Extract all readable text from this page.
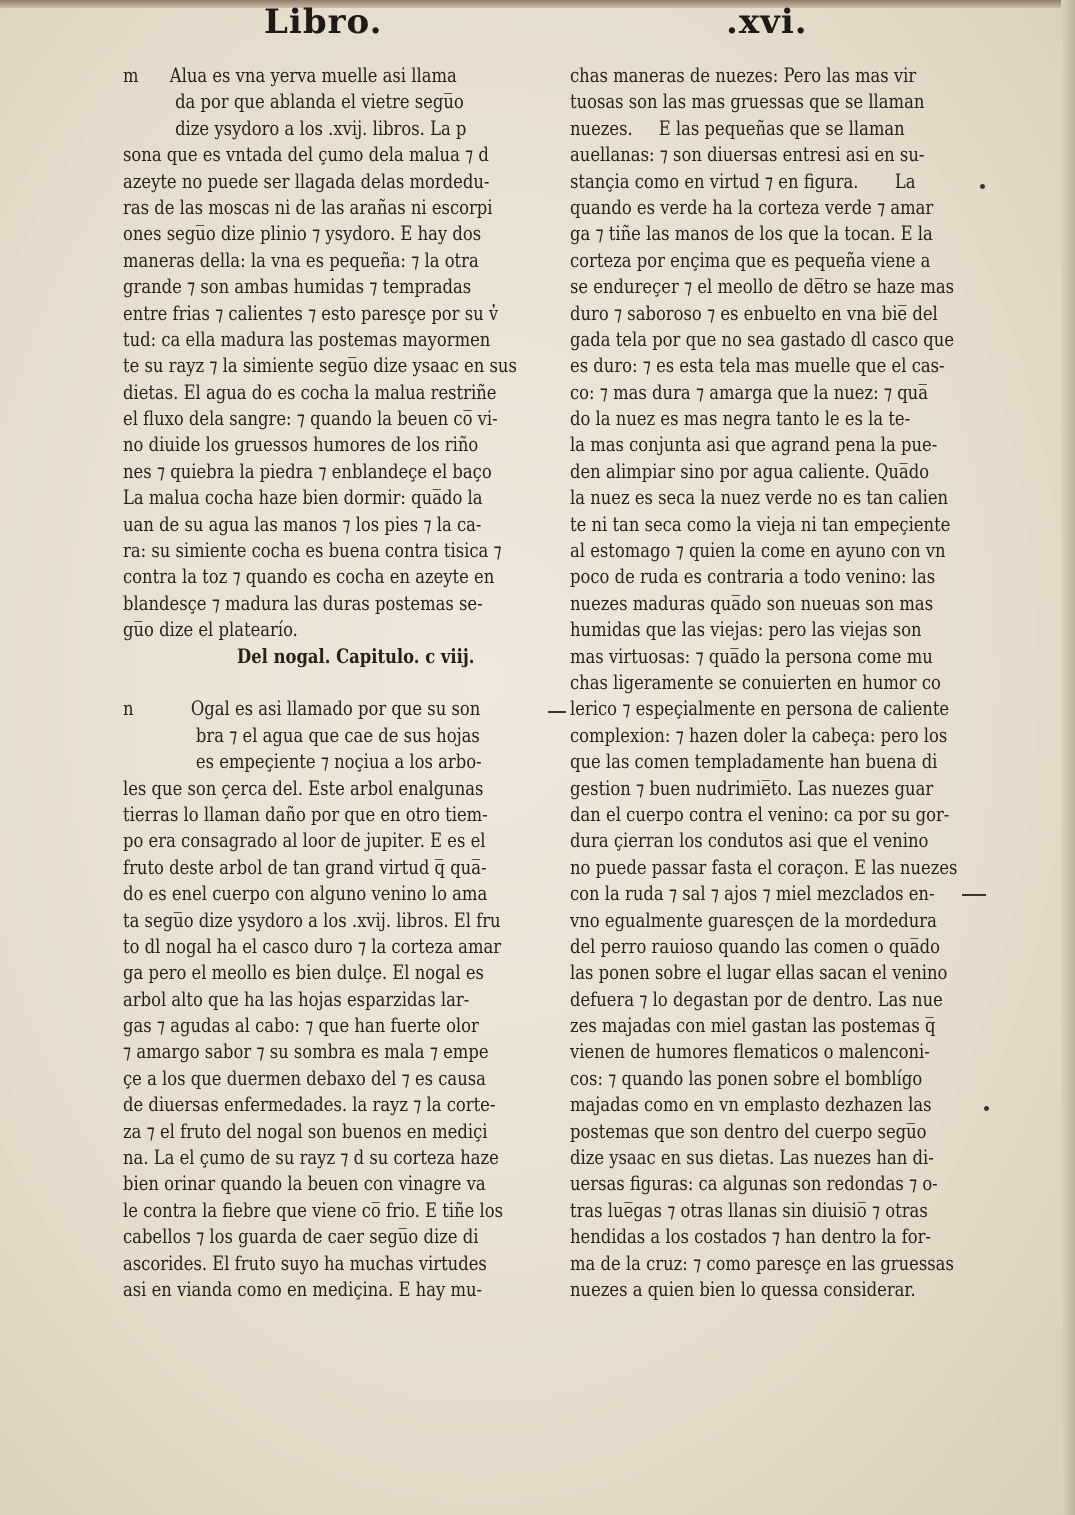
Libro.	.xvi.
m      Alua es vna yerva muelle asi llama
da por que ablanda el vietre segu̅o
dize ysydoro a los .xvij. libros. La p
sona que es vntada del çumo dela malua ⁊ d
azeyte no puede ser llagada delas mordedu-
ras de las moscas ni de las arañas ni escorpi
ones segu̅o dize plinio ⁊ ysydoro. E hay dos
maneras della: la vna es pequeña: ⁊ la otra
grande ⁊ son ambas humidas ⁊ tempradas
entre frias ⁊ calientes ⁊ esto paresçe por su v̓
tud: ca ella madura las postemas mayormen
te su rayz ⁊ la simiente segu̅o dize ysaac en sus
dietas. El agua do es cocha la malua restriñe
el fluxo dela sangre: ⁊ quando la beuen co̅ vi-
no diuide los gruessos humores de los riño
nes ⁊ quiebra la piedra ⁊ enblandeçe el baço
La malua cocha haze bien dormir: qua̅do la
uan de su agua las manos ⁊ los pies ⁊ la ca-
ra: su simiente cocha es buena contra tisica ⁊
contra la toz ⁊ quando es cocha en azeyte en
blandesçe ⁊ madura las duras postemas se-
gu̅o dize el platearío.
Del nogal. Capitulo. c viij.
n           Ogal es asi llamado por que su son
bra ⁊ el agua que cae de sus hojas
es empeçiente ⁊ noçiua a los arbo-
les que son çerca del. Este arbol enalgunas
tierras lo llaman daño por que en otro tiem-
po era consagrado al loor de jupiter. E es el
fruto deste arbol de tan grand virtud q̅ qua̅-
do es enel cuerpo con alguno venino lo ama
ta segu̅o dize ysydoro a los .xvij. libros. El fru
to dl nogal ha el casco duro ⁊ la corteza amar
ga pero el meollo es bien dulçe. El nogal es
arbol alto que ha las hojas esparzidas lar-
gas ⁊ agudas al cabo: ⁊ que han fuerte olor
⁊ amargo sabor ⁊ su sombra es mala ⁊ empe
çe a los que duermen debaxo del ⁊ es causa
de diuersas enfermedades. la rayz ⁊ la corte-
za ⁊ el fruto del nogal son buenos en mediçi
na. La el çumo de su rayz ⁊ d su corteza haze
bien orinar quando la beuen con vinagre va
le contra la fiebre que viene co̅ frio. E tiñe los
cabellos ⁊ los guarda de caer segu̅o dize di
ascorides. El fruto suyo ha muchas virtudes
asi en vianda como en mediçina. E hay mu-
chas maneras de nuezes: Pero las mas vir
tuosas son las mas gruessas que se llaman
nuezes.     E las pequeñas que se llaman
auellanas: ⁊ son diuersas entresi asi en su-
stançia como en virtud ⁊ en figura.       La
quando es verde ha la corteza verde ⁊ amar
ga ⁊ tiñe las manos de los que la tocan. E la
corteza por ençima que es pequeña viene a
se endureçer ⁊ el meollo de de̅tro se haze mas
duro ⁊ saboroso ⁊ es enbuelto en vna bie̅ del
gada tela por que no sea gastado dl casco que
es duro: ⁊ es esta tela mas muelle que el cas-
co: ⁊ mas dura ⁊ amarga que la nuez: ⁊ qua̅
do la nuez es mas negra tanto le es la te-
la mas conjunta asi que agrand pena la pue-
den alimpiar sino por agua caliente. Qua̅do
la nuez es seca la nuez verde no es tan calien
te ni tan seca como la vieja ni tan empeçiente
al estomago ⁊ quien la come en ayuno con vn
poco de ruda es contraria a todo venino: las
nuezes maduras qua̅do son nueuas son mas
humidas que las viejas: pero las viejas son
mas virtuosas: ⁊ qua̅do la persona come mu
chas ligeramente se conuierten en humor co
lerico ⁊ espeçialmente en persona de caliente
complexion: ⁊ hazen doler la cabeça: pero los
que las comen templadamente han buena di
gestion ⁊ buen nudrimie̅to. Las nuezes guar
dan el cuerpo contra el venino: ca por su gor-
dura çierran los condutos asi que el venino
no puede passar fasta el coraçon. E las nuezes
con la ruda ⁊ sal ⁊ ajos ⁊ miel mezclados en-
vno egualmente guaresçen de la mordedura
del perro rauioso quando las comen o qua̅do
las ponen sobre el lugar ellas sacan el venino
defuera ⁊ lo degastan por de dentro. Las nue
zes majadas con miel gastan las postemas q̅
vienen de humores flematicos o malenconi-
cos: ⁊ quando las ponen sobre el bomblígo
majadas como en vn emplasto dezhazen las
postemas que son dentro del cuerpo segu̅o
dize ysaac en sus dietas. Las nuezes han di-
uersas figuras: ca algunas son redondas ⁊ o-
tras lue̅gas ⁊ otras llanas sin diuisio̅ ⁊ otras
hendidas a los costados ⁊ han dentro la for-
ma de la cruz: ⁊ como paresçe en las gruessas
nuezes a quien bien lo quessa considerar.
